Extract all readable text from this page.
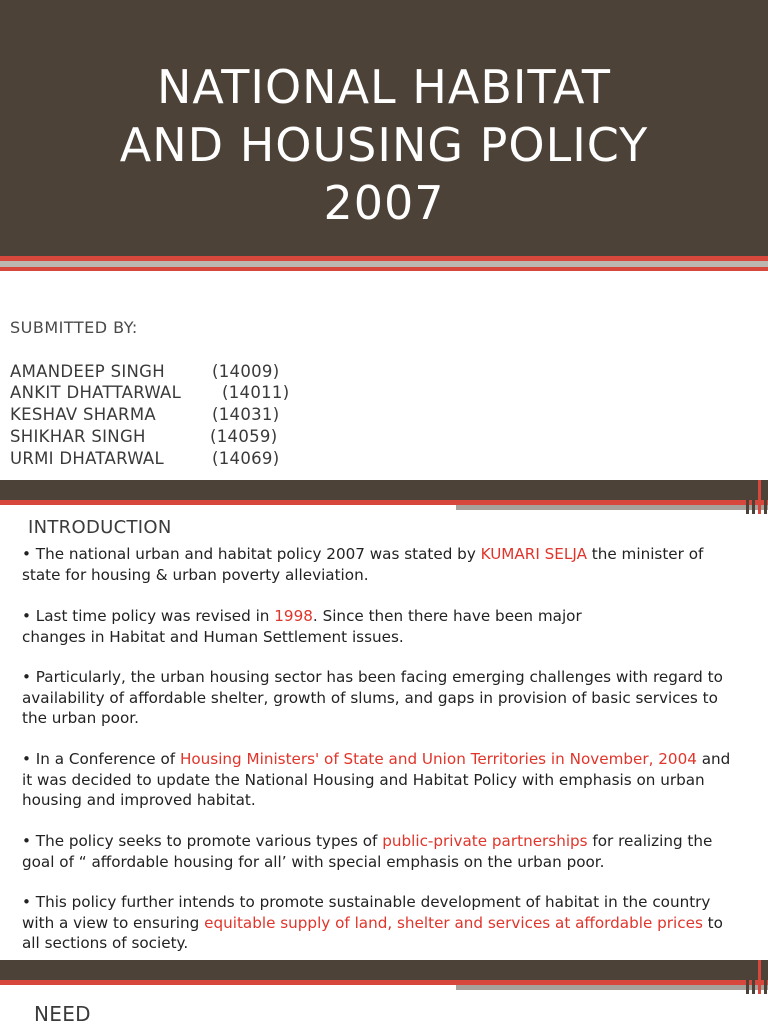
NATIONAL HABITAT
AND HOUSING POLICY
2007
SUBMITTED BY:
AMANDEEP SINGH	(14009)
ANKIT DHATTARWAL (14011)
KESHAV SHARMA	(14031)
SHIKHAR SINGH	(14059)
URMI DHATARWAL	(14069)
INTRODUCTION
• The national urban and habitat policy 2007 was stated by KUMARI SELJA the minister of state for housing & urban poverty alleviation.
• Last time policy was revised in 1998. Since then there have been major
changes in Habitat and Human Settlement issues.
• Particularly, the urban housing sector has been facing emerging challenges with regard to availability of affordable shelter, growth of slums, and gaps in provision of basic services to the urban poor.
• In a Conference of Housing Ministers' of State and Union Territories in November, 2004 and it was decided to update the National Housing and Habitat Policy with emphasis on urban housing and improved habitat.
• The policy seeks to promote various types of public-private partnerships for realizing the goal of “ affordable housing for all’ with special emphasis on the urban poor.
• This policy further intends to promote sustainable development of habitat in the country with a view to ensuring equitable supply of land, shelter and services at affordable prices to all sections of society.
NEED
